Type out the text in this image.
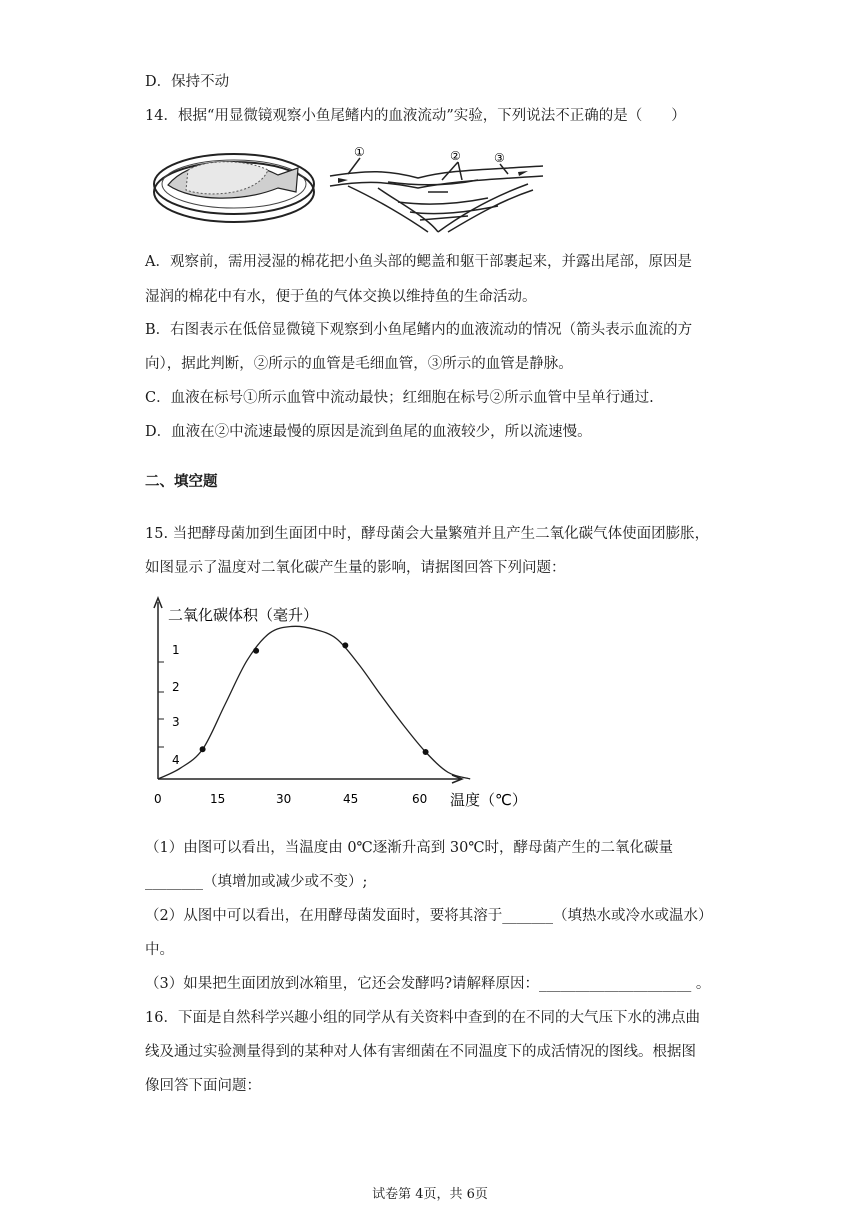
D．保持不动
14．根据“用显微镜观察小鱼尾鳍内的血液流动”实验，下列说法不正确的是（　　）
①	②	③
A．观察前，需用浸湿的棉花把小鱼头部的鳃盖和躯干部裹起来，并露出尾部，原因是
湿润的棉花中有水，便于鱼的气体交换以维持鱼的生命活动。
B．右图表示在低倍显微镜下观察到小鱼尾鳍内的血液流动的情况（箭头表示血流的方
向），据此判断，②所示的血管是毛细血管，③所示的血管是静脉。
C．血液在标号①所示血管中流动最快；红细胞在标号②所示血管中呈单行通过.
D．血液在②中流速最慢的原因是流到鱼尾的血液较少，所以流速慢。
二、填空题
15. 当把酵母菌加到生面团中时，酵母菌会大量繁殖并且产生二氧化碳气体使面团膨胀，
如图显示了温度对二氧化碳产生量的影响，请据图回答下列问题：
二氧化碳体积（毫升）
1
2
3
4
0	15	30	45	60 温度（℃）
（1）由图可以看出，当温度由 0℃逐渐升高到 30℃时，酵母菌产生的二氧化碳量
________（填增加或减少或不变）;
（2）从图中可以看出，在用酵母菌发面时，要将其溶于_______（填热水或冷水或温水）
中。
（3）如果把生面团放到冰箱里，它还会发酵吗?请解释原因：_____________________ 。
16．下面是自然科学兴趣小组的同学从有关资料中查到的在不同的大气压下水的沸点曲
线及通过实验测量得到的某种对人体有害细菌在不同温度下的成活情况的图线。根据图
像回答下面问题：
试卷第 4页，共 6页
